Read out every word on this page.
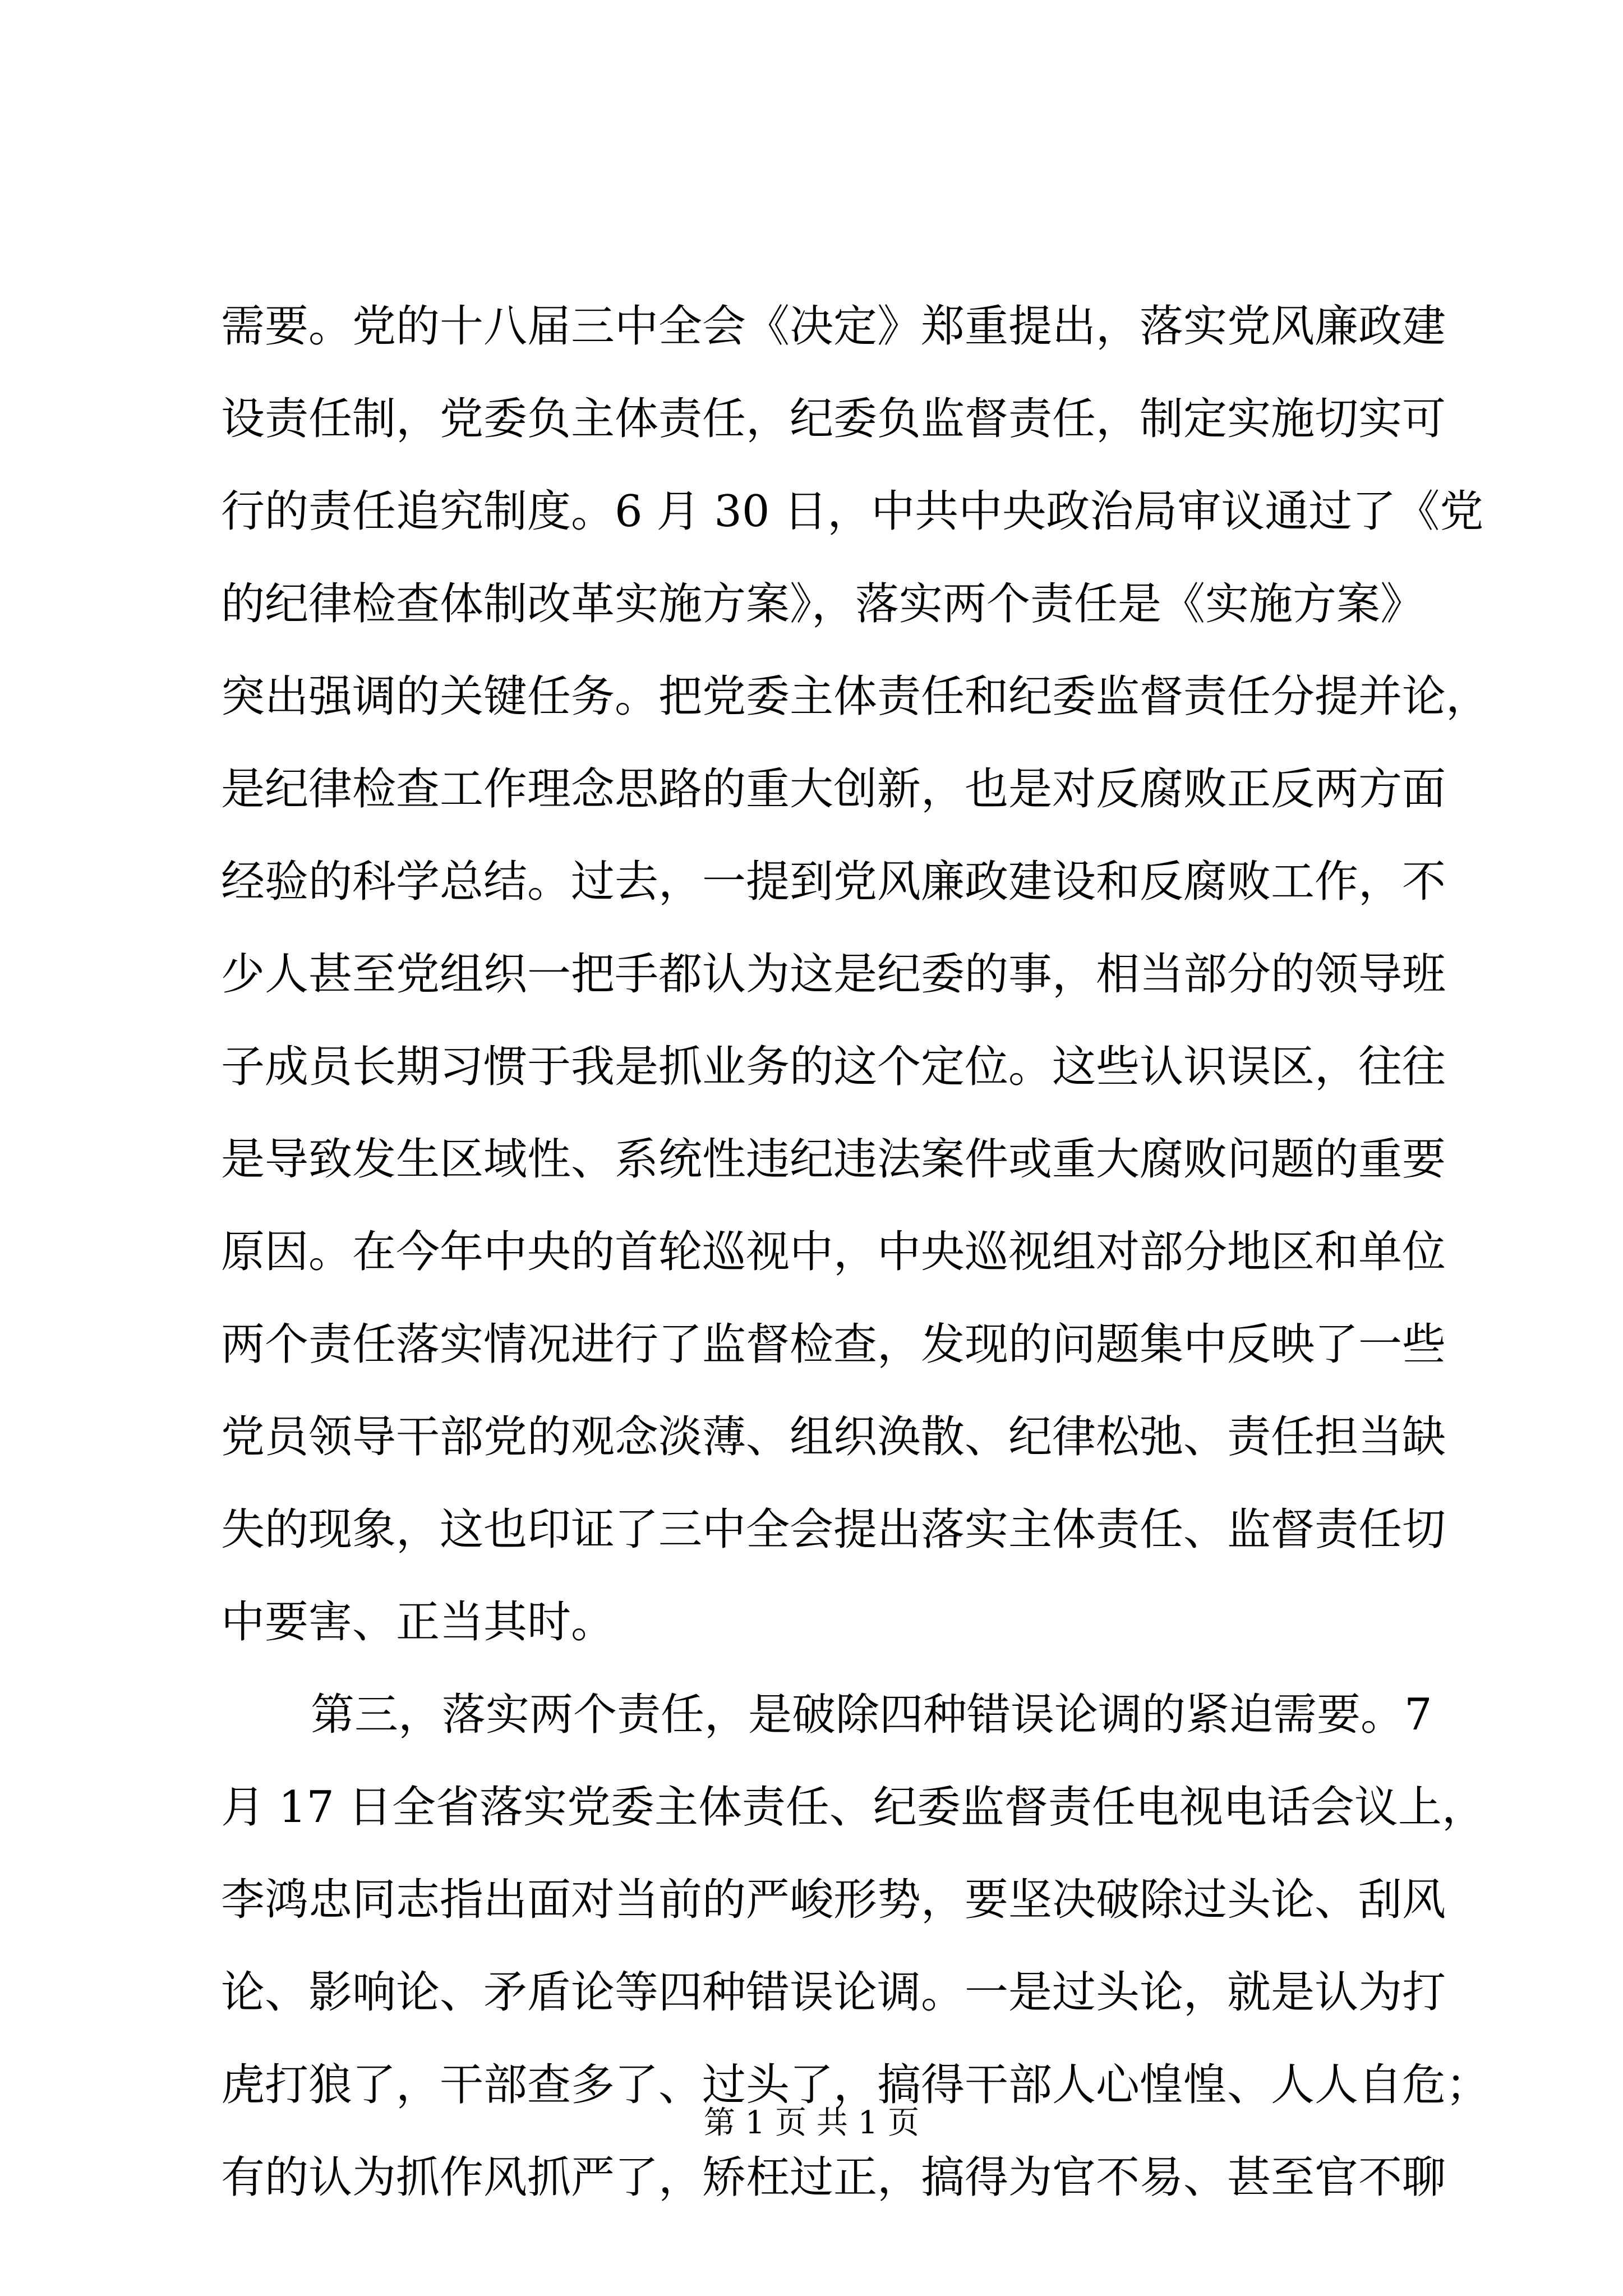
需要。党的十八届三中全会《决定》郑重提出，落实党风廉政建
设责任制，党委负主体责任，纪委负监督责任，制定实施切实可
行的责任追究制度。6 月 30 日，中共中央政治局审议通过了《党
的纪律检查体制改革实施方案》，落实两个责任是《实施方案》
突出强调的关键任务。把党委主体责任和纪委监督责任分提并论，
是纪律检查工作理念思路的重大创新，也是对反腐败正反两方面
经验的科学总结。过去，一提到党风廉政建设和反腐败工作，不
少人甚至党组织一把手都认为这是纪委的事，相当部分的领导班
子成员长期习惯于我是抓业务的这个定位。这些认识误区，往往
是导致发生区域性、系统性违纪违法案件或重大腐败问题的重要
原因。在今年中央的首轮巡视中，中央巡视组对部分地区和单位
两个责任落实情况进行了监督检查，发现的问题集中反映了一些
党员领导干部党的观念淡薄、组织涣散、纪律松弛、责任担当缺
失的现象，这也印证了三中全会提出落实主体责任、监督责任切
中要害、正当其时。
第三，落实两个责任，是破除四种错误论调的紧迫需要。7
月 17 日全省落实党委主体责任、纪委监督责任电视电话会议上，
李鸿忠同志指出面对当前的严峻形势，要坚决破除过头论、刮风
论、影响论、矛盾论等四种错误论调。一是过头论，就是认为打
虎打狼了，干部查多了、过头了，搞得干部人心惶惶、人人自危；
有的认为抓作风抓严了，矫枉过正，搞得为官不易、甚至官不聊
第 1 页 共 1 页
